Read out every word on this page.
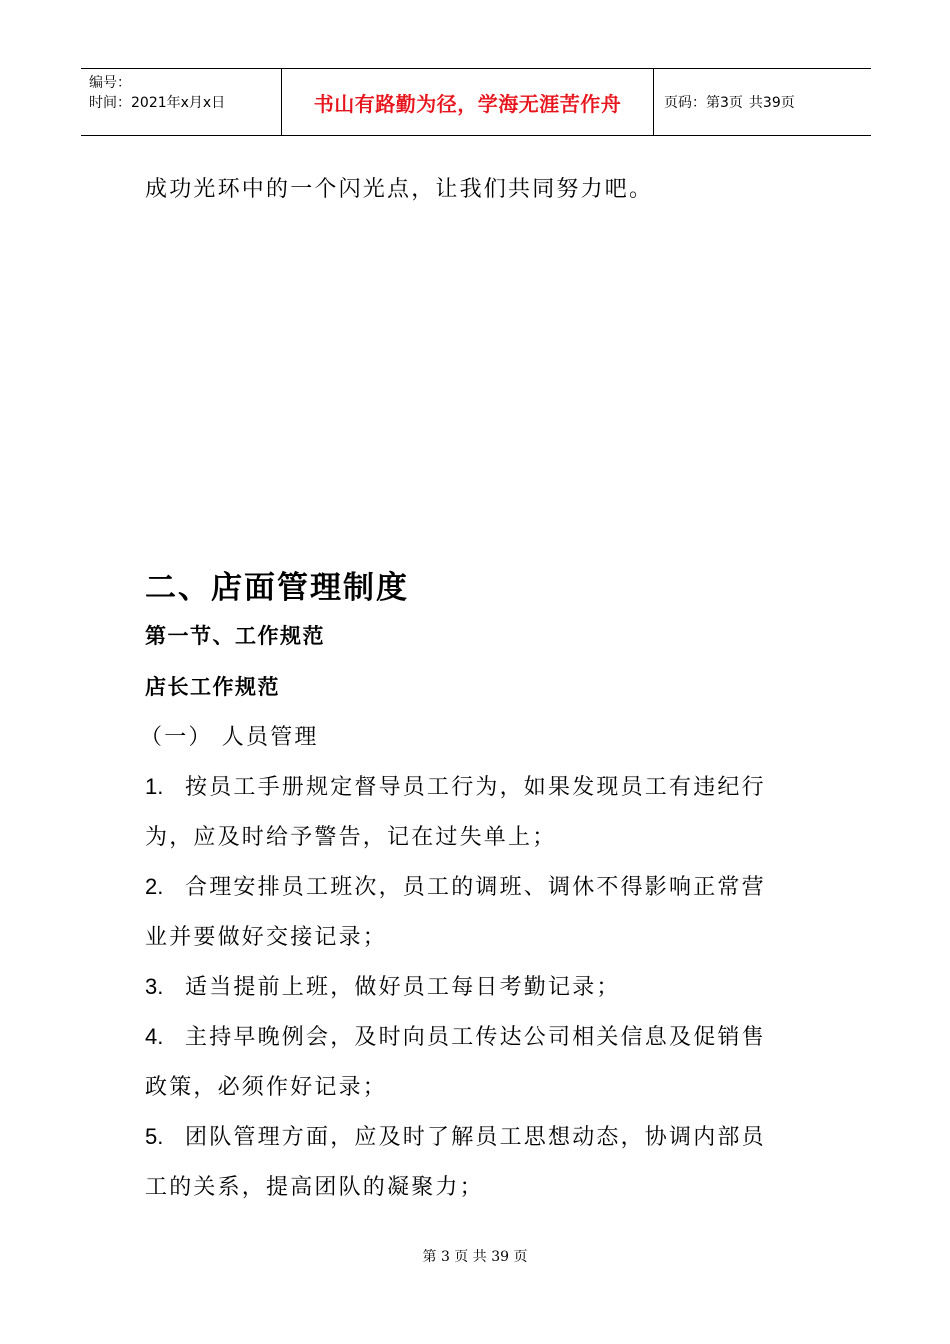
编号：
时间：2021年x月x日	书山有路勤为径，学海无涯苦作舟	页码：第3页 共39页
成功光环中的一个闪光点，让我们共同努力吧。
二、店面管理制度
第一节、工作规范
店长工作规范
（一） 人员管理
1. 按员工手册规定督导员工行为，如果发现员工有违纪行
为，应及时给予警告，记在过失单上；
2. 合理安排员工班次，员工的调班、调休不得影响正常营
业并要做好交接记录；
3. 适当提前上班，做好员工每日考勤记录；
4. 主持早晚例会，及时向员工传达公司相关信息及促销售
政策，必须作好记录；
5. 团队管理方面，应及时了解员工思想动态，协调内部员
工的关系，提高团队的凝聚力；
第 3 页 共 39 页
